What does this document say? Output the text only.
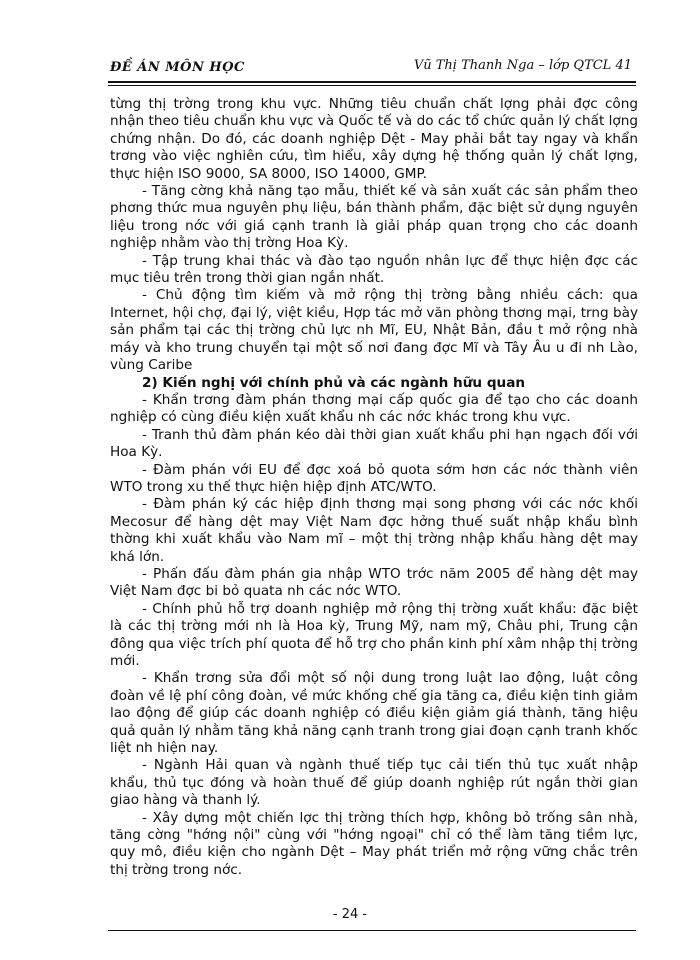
ĐỀ ÁN MÔN HỌC	Vũ Thị Thanh Nga – lớp QTCL 41

từng thị trờng trong khu vực. Những tiêu chuẩn chất lợng phải đợc công nhận theo tiêu chuẩn khu vực và Quốc tế và do các tổ chức quản lý chất lợng chứng nhận. Do đó, các doanh nghiệp Dệt - May phải bắt tay ngay và khẩn trơng vào việc nghiên cứu, tìm hiểu, xây dựng hệ thống quản lý chất lợng, thực hiện ISO 9000, SA 8000, ISO 14000, GMP.

- Tăng cờng khả năng tạo mẫu, thiết kế và sản xuất các sản phẩm theo phơng thức mua nguyên phụ liệu, bán thành phẩm, đặc biệt sử dụng nguyên liệu trong nớc với giá cạnh tranh là giải pháp quan trọng cho các doanh nghiệp nhằm vào thị trờng Hoa Kỳ.

- Tập trung khai thác và đào tạo nguồn nhân lực để thực hiện đợc các mục tiêu trên trong thời gian ngắn nhất.

- Chủ động tìm kiếm và mở rộng thị trờng bằng nhiều cách: qua Internet, hội chợ, đại lý, việt kiều, Hợp tác mở văn phòng thơng mại, trng bày sản phẩm tại các thị trờng chủ lực nh Mĩ, EU, Nhật Bản, đầu t mở rộng nhà máy và kho trung chuyển tại một số nơi đang đợc Mĩ và Tây Âu u đi nh Lào, vùng Caribe

2) Kiến nghị với chính phủ và các ngành hữu quan

- Khẩn trơng đàm phán thơng mại cấp quốc gia để tạo cho các doanh nghiệp có cùng điều kiện xuất khẩu nh các nớc khác trong khu vực.

- Tranh thủ đàm phán kéo dài thời gian xuất khẩu phi hạn ngạch đối với Hoa Kỳ.

- Đàm phán với EU để đợc xoá bỏ quota sớm hơn các nớc thành viên WTO trong xu thế thực hiện hiệp định ATC/WTO.

- Đàm phán ký các hiệp định thơng mại song phơng với các nớc khối Mecosur để hàng dệt may Việt Nam đợc hởng thuế suất nhập khẩu bình thờng khi xuất khẩu vào Nam mĩ – một thị trờng nhập khẩu hàng dệt may khá lớn.

- Phấn đấu đàm phán gia nhập WTO trớc năm 2005 để hàng dệt may Việt Nam đợc bi bỏ quata nh các nớc WTO.

- Chính phủ hỗ trợ doanh nghiệp mở rộng thị trờng xuất khẩu: đặc biệt là các thị trờng mới nh là Hoa kỳ, Trung Mỹ, nam mỹ, Châu phi, Trung cận đông qua việc trích phí quota để hỗ trợ cho phần kinh phí xâm nhập thị trờng mới.

- Khẩn trơng sửa đổi một số nội dung trong luật lao động, luật công đoàn về lệ phí công đoàn, về mức khống chế gia tăng ca, điều kiện tinh giảm lao động để giúp các doanh nghiệp có điều kiện giảm giá thành, tăng hiệu quả quản lý nhằm tăng khả năng cạnh tranh trong giai đoạn cạnh tranh khốc liệt nh hiện nay.

- Ngành Hải quan và ngành thuế tiếp tục cải tiến thủ tục xuất nhập khẩu, thủ tục đóng và hoàn thuế để giúp doanh nghiệp rút ngắn thời gian giao hàng và thanh lý.

- Xây dựng một chiến lợc thị trờng thích hợp, không bỏ trống sân nhà, tăng cờng "hớng nội" cùng với "hớng ngoại" chỉ có thể làm tăng tiềm lực, quy mô, điều kiện cho ngành Dệt – May phát triển mở rộng vững chắc trên thị trờng trong nớc.

- 24 -
